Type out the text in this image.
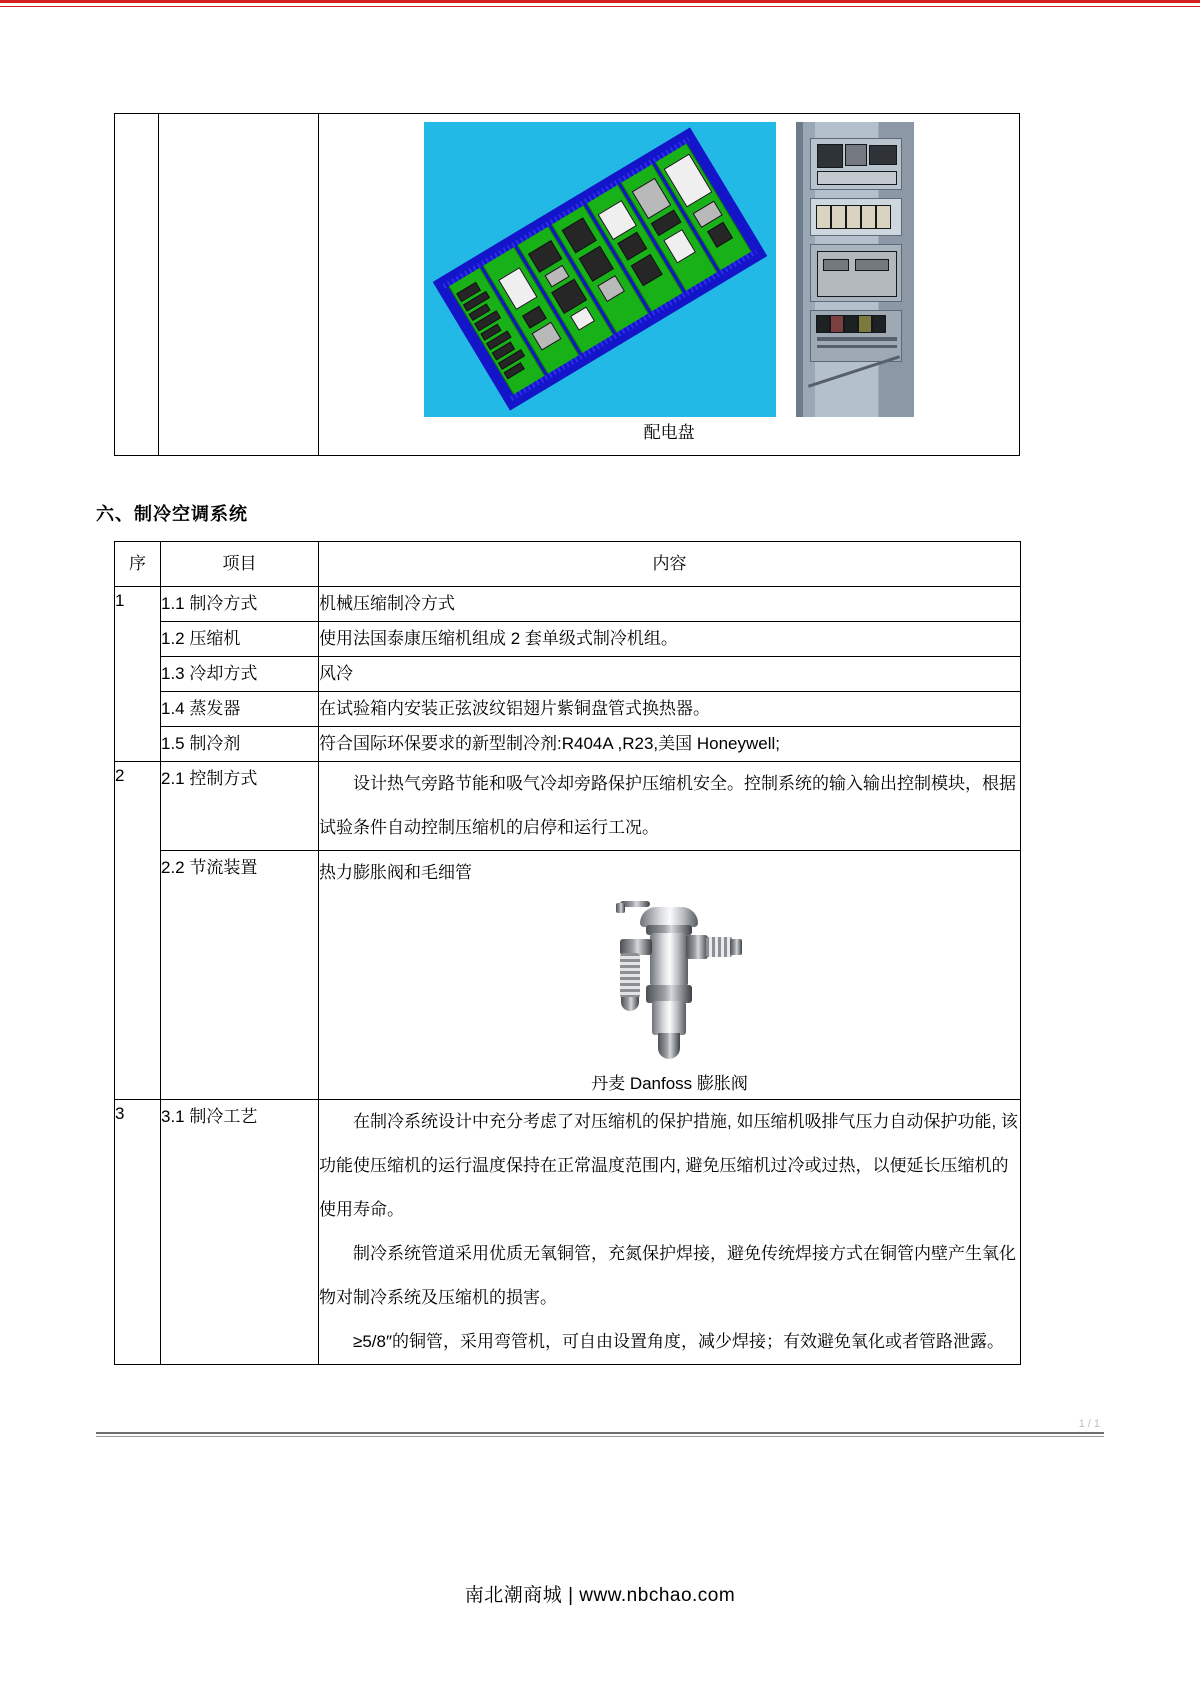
配电盘
六、制冷空调系统
序	项目	内容
1	1.1 制冷方式	机械压缩制冷方式
	1.2 压缩机	使用法国泰康压缩机组成 2 套单级式制冷机组。
	1.3 冷却方式	风冷
	1.4 蒸发器	在试验箱内安装正弦波纹铝翅片紫铜盘管式换热器。
	1.5 制冷剂	符合国际环保要求的新型制冷剂:R404A ,R23,美国 Honeywell;
2	2.1 控制方式	设计热气旁路节能和吸气冷却旁路保护压缩机安全。控制系统的输入输出控制模块，根据试验条件自动控制压缩机的启停和运行工况。

	2.2 节流装置	热力膨胀阀和毛细管

丹麦 Danfoss 膨胀阀

3	3.1 制冷工艺	在制冷系统设计中充分考虑了对压缩机的保护措施, 如压缩机吸排气压力自动保护功能, 该功能使压缩机的运行温度保持在正常温度范围内, 避免压缩机过冷或过热，以便延长压缩机的使用寿命。

制冷系统管道采用优质无氧铜管，充氮保护焊接，避免传统焊接方式在铜管内壁产生氧化物对制冷系统及压缩机的损害。

≥5/8″的铜管，采用弯管机，可自由设置角度，减少焊接；有效避免氧化或者管路泄露。

1 / 1
南北潮商城 | www.nbchao.com
